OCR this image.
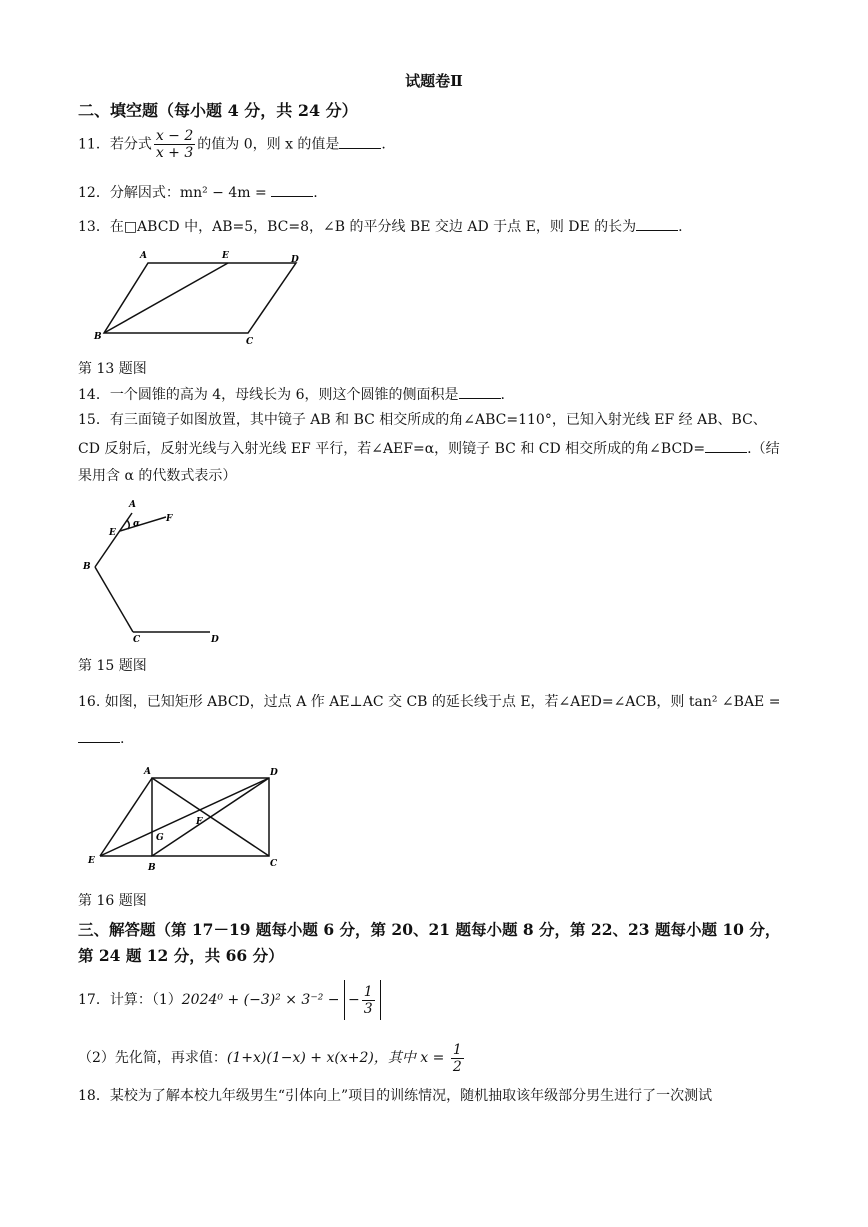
试题卷Ⅱ
二、填空题（每小题 4 分，共 24 分）
11．若分式 $\frac{x - 2}{x + 3}$ 的值为 0，则 x 的值是	.
12．分解因式：mn² − 4m =	.
13．在□ABCD 中，AB=5，BC=8，∠B 的平分线 BE 交边 AD 于点 E，则 DE 的长为	.
A	E	D
B	C
第 13 题图
14．一个圆锥的高为 4，母线长为 6，则这个圆锥的侧面积是	.
15．有三面镜子如图放置，其中镜子 AB 和 BC 相交所成的角∠ABC=110°，已知入射光线 EF 经 AB、BC、
CD 反射后，反射光线与入射光线 EF 平行，若∠AEF=α，则镜子 BC 和 CD 相交所成的角∠BCD=	.（结
果用含 α 的代数式表示）
A
E
F
α
B
C	D
第 15 题图
16. 如图，已知矩形 ABCD，过点 A 作 AE⊥AC 交 CB 的延长线于点 E，若∠AED=∠ACB，则 tan² ∠BAE =
.
A	D
F
G
E
B	C
第 16 题图
三、解答题（第 17－19 题每小题 6 分，第 20、21 题每小题 8 分，第 22、23 题每小题 10 分，
第 24 题 12 分，共 66 分）
17．计算：（1）2024⁰ + (−3)² × 3⁻² − − $\frac{1}{3}$
（2）先化简，再求值：(1+x)(1−x) + x(x+2)，其中 $x = \frac{1}{2}$
18．某校为了解本校九年级男生“引体向上”项目的训练情况，随机抽取该年级部分男生进行了一次测试
